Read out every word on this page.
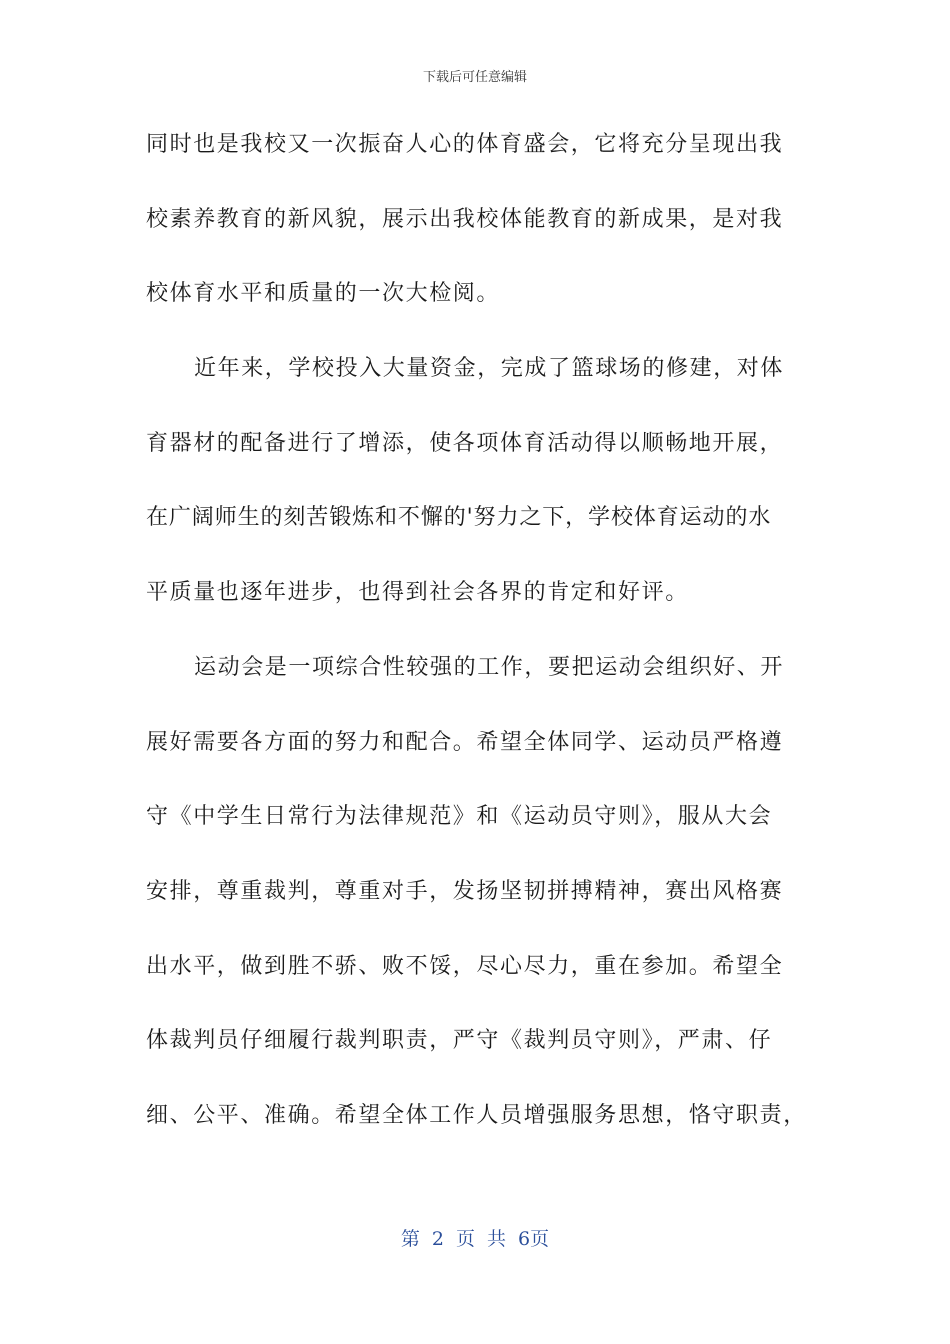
下载后可任意编辑
同时也是我校又一次振奋人心的体育盛会，它将充分呈现出我
校素养教育的新风貌，展示出我校体能教育的新成果，是对我
校体育水平和质量的一次大检阅。
近年来，学校投入大量资金，完成了篮球场的修建，对体
育器材的配备进行了增添，使各项体育活动得以顺畅地开展，
在广阔师生的刻苦锻炼和不懈的'努力之下，学校体育运动的水
平质量也逐年进步，也得到社会各界的肯定和好评。
运动会是一项综合性较强的工作，要把运动会组织好、开
展好需要各方面的努力和配合。希望全体同学、运动员严格遵
守《中学生日常行为法律规范》和《运动员守则》，服从大会
安排，尊重裁判，尊重对手，发扬坚韧拼搏精神，赛出风格赛
出水平，做到胜不骄、败不馁，尽心尽力，重在参加。希望全
体裁判员仔细履行裁判职责，严守《裁判员守则》，严肃、仔
细、公平、准确。希望全体工作人员增强服务思想，恪守职责，
第 2 页 共 6页
